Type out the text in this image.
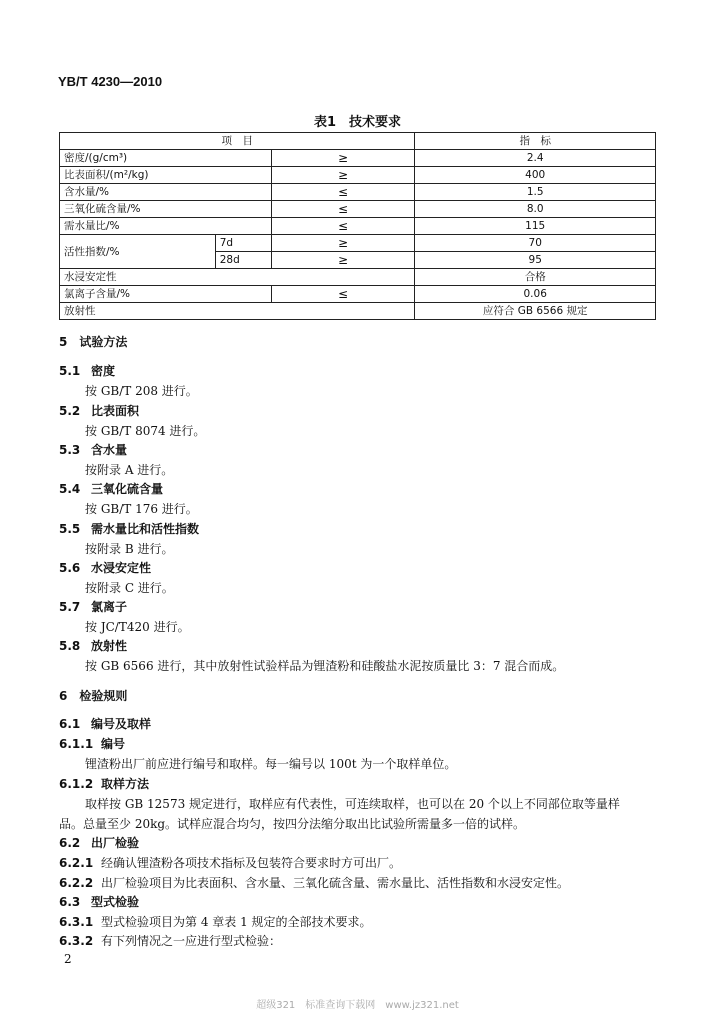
YB/T 4230—2010
表1　技术要求
项　目			指　标
密度/(g/cm³)		≥	2.4
比表面积/(m²/kg)		≥	400
含水量/%		≤	1.5
三氧化硫含量/%		≤	8.0
需水量比/%		≤	115
活性指数/%	7d	≥	70
	28d	≥	95
水浸安定性			合格
氯离子含量/%		≤	0.06
放射性			应符合 GB 6566 规定
5　试验方法
5.1 密度
按 GB/T 208 进行。
5.2 比表面积
按 GB/T 8074 进行。
5.3 含水量
按附录 A 进行。
5.4 三氧化硫含量
按 GB/T 176 进行。
5.5 需水量比和活性指数
按附录 B 进行。
5.6 水浸安定性
按附录 C 进行。
5.7 氯离子
按 JC/T420 进行。
5.8 放射性
按 GB 6566 进行，其中放射性试验样品为锂渣粉和硅酸盐水泥按质量比 3：7 混合而成。
6　检验规则
6.1 编号及取样
6.1.1 编号
锂渣粉出厂前应进行编号和取样。每一编号以 100t 为一个取样单位。
6.1.2 取样方法
取样按 GB 12573 规定进行，取样应有代表性，可连续取样，也可以在 20 个以上不同部位取等量样
品。总量至少 20kg。试样应混合均匀，按四分法缩分取出比试验所需量多一倍的试样。
6.2 出厂检验
6.2.1 经确认锂渣粉各项技术指标及包装符合要求时方可出厂。
6.2.2 出厂检验项目为比表面积、含水量、三氧化硫含量、需水量比、活性指数和水浸安定性。
6.3 型式检验
6.3.1 型式检验项目为第 4 章表 1 规定的全部技术要求。
6.3.2 有下列情况之一应进行型式检验：
2
超级321　标准查询下载网　www.jz321.net
